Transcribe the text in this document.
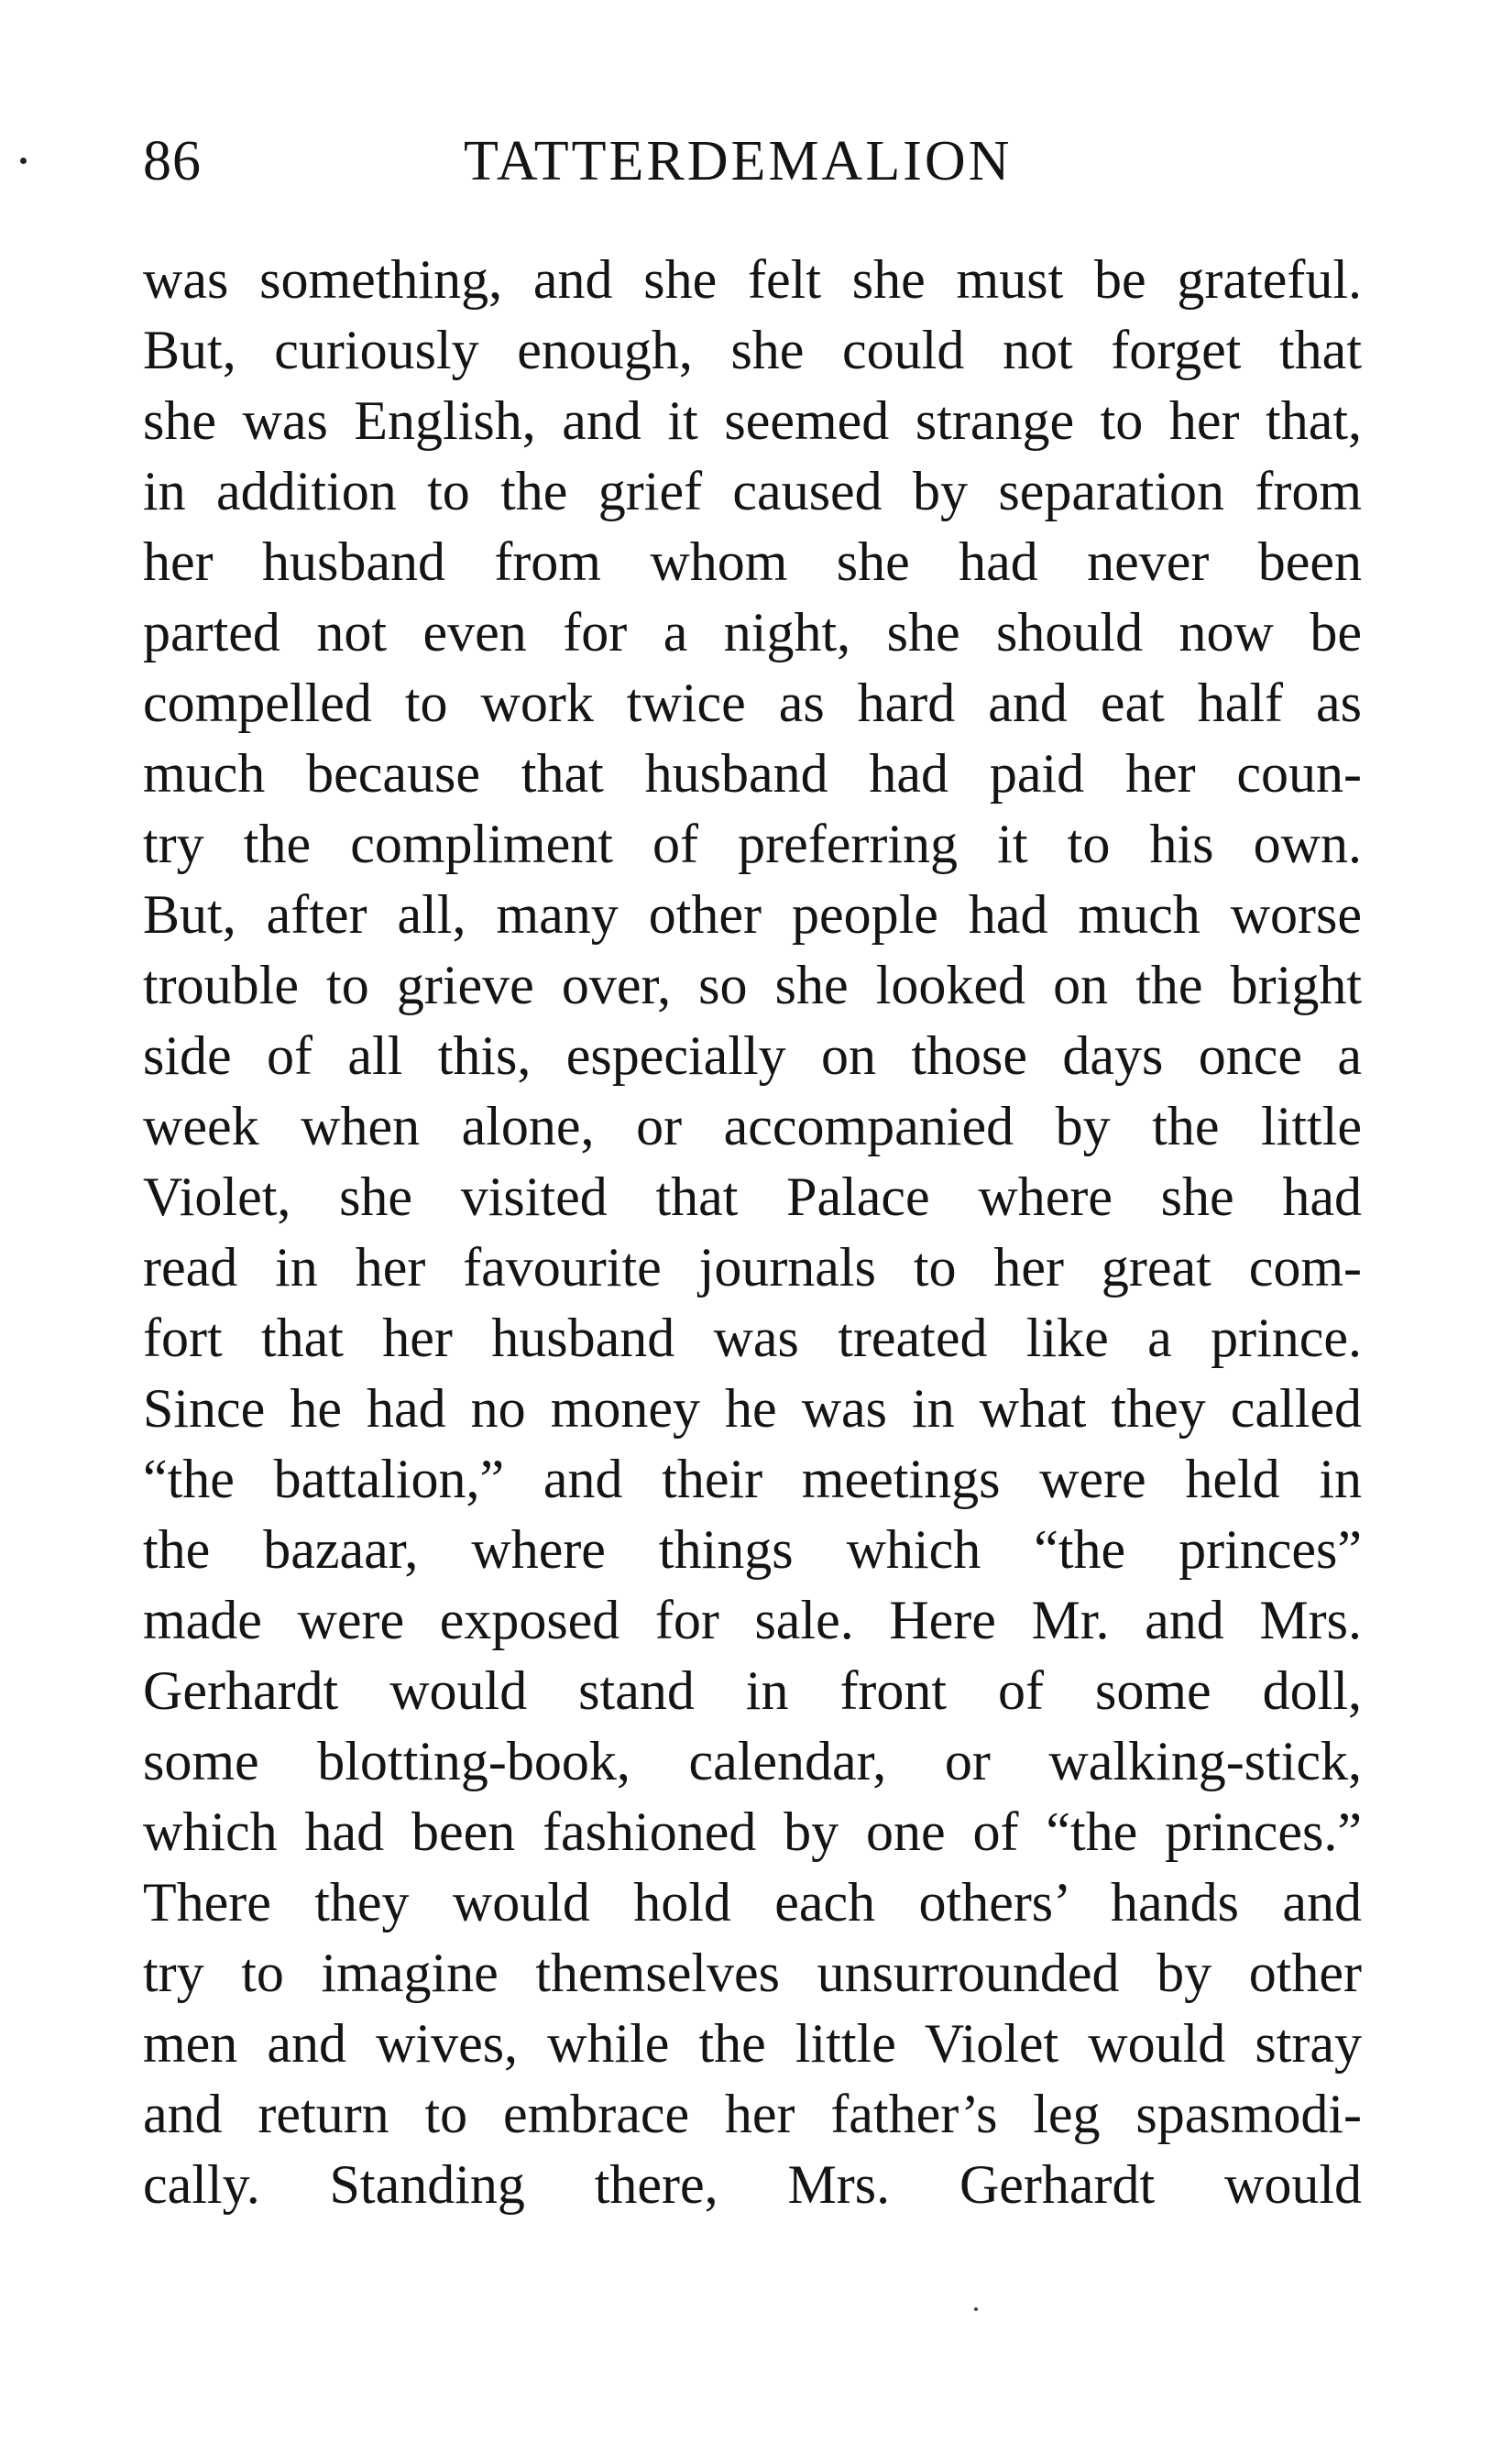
86	TATTERDEMALION
was something, and she felt she must be grateful.
But, curiously enough, she could not forget that
she was English, and it seemed strange to her that,
in addition to the grief caused by separation from
her husband from whom she had never been
parted not even for a night, she should now be
compelled to work twice as hard and eat half as
much because that husband had paid her coun-
try the compliment of preferring it to his own.
But, after all, many other people had much worse
trouble to grieve over, so she looked on the bright
side of all this, especially on those days once a
week when alone, or accompanied by the little
Violet, she visited that Palace where she had
read in her favourite journals to her great com-
fort that her husband was treated like a prince.
Since he had no money he was in what they called
“the battalion,” and their meetings were held in
the bazaar, where things which “the princes”
made were exposed for sale. Here Mr. and Mrs.
Gerhardt would stand in front of some doll,
some blotting-book, calendar, or walking-stick,
which had been fashioned by one of “the princes.”
There they would hold each others’ hands and
try to imagine themselves unsurrounded by other
men and wives, while the little Violet would stray
and return to embrace her father’s leg spasmodi-
cally. Standing there, Mrs. Gerhardt would
